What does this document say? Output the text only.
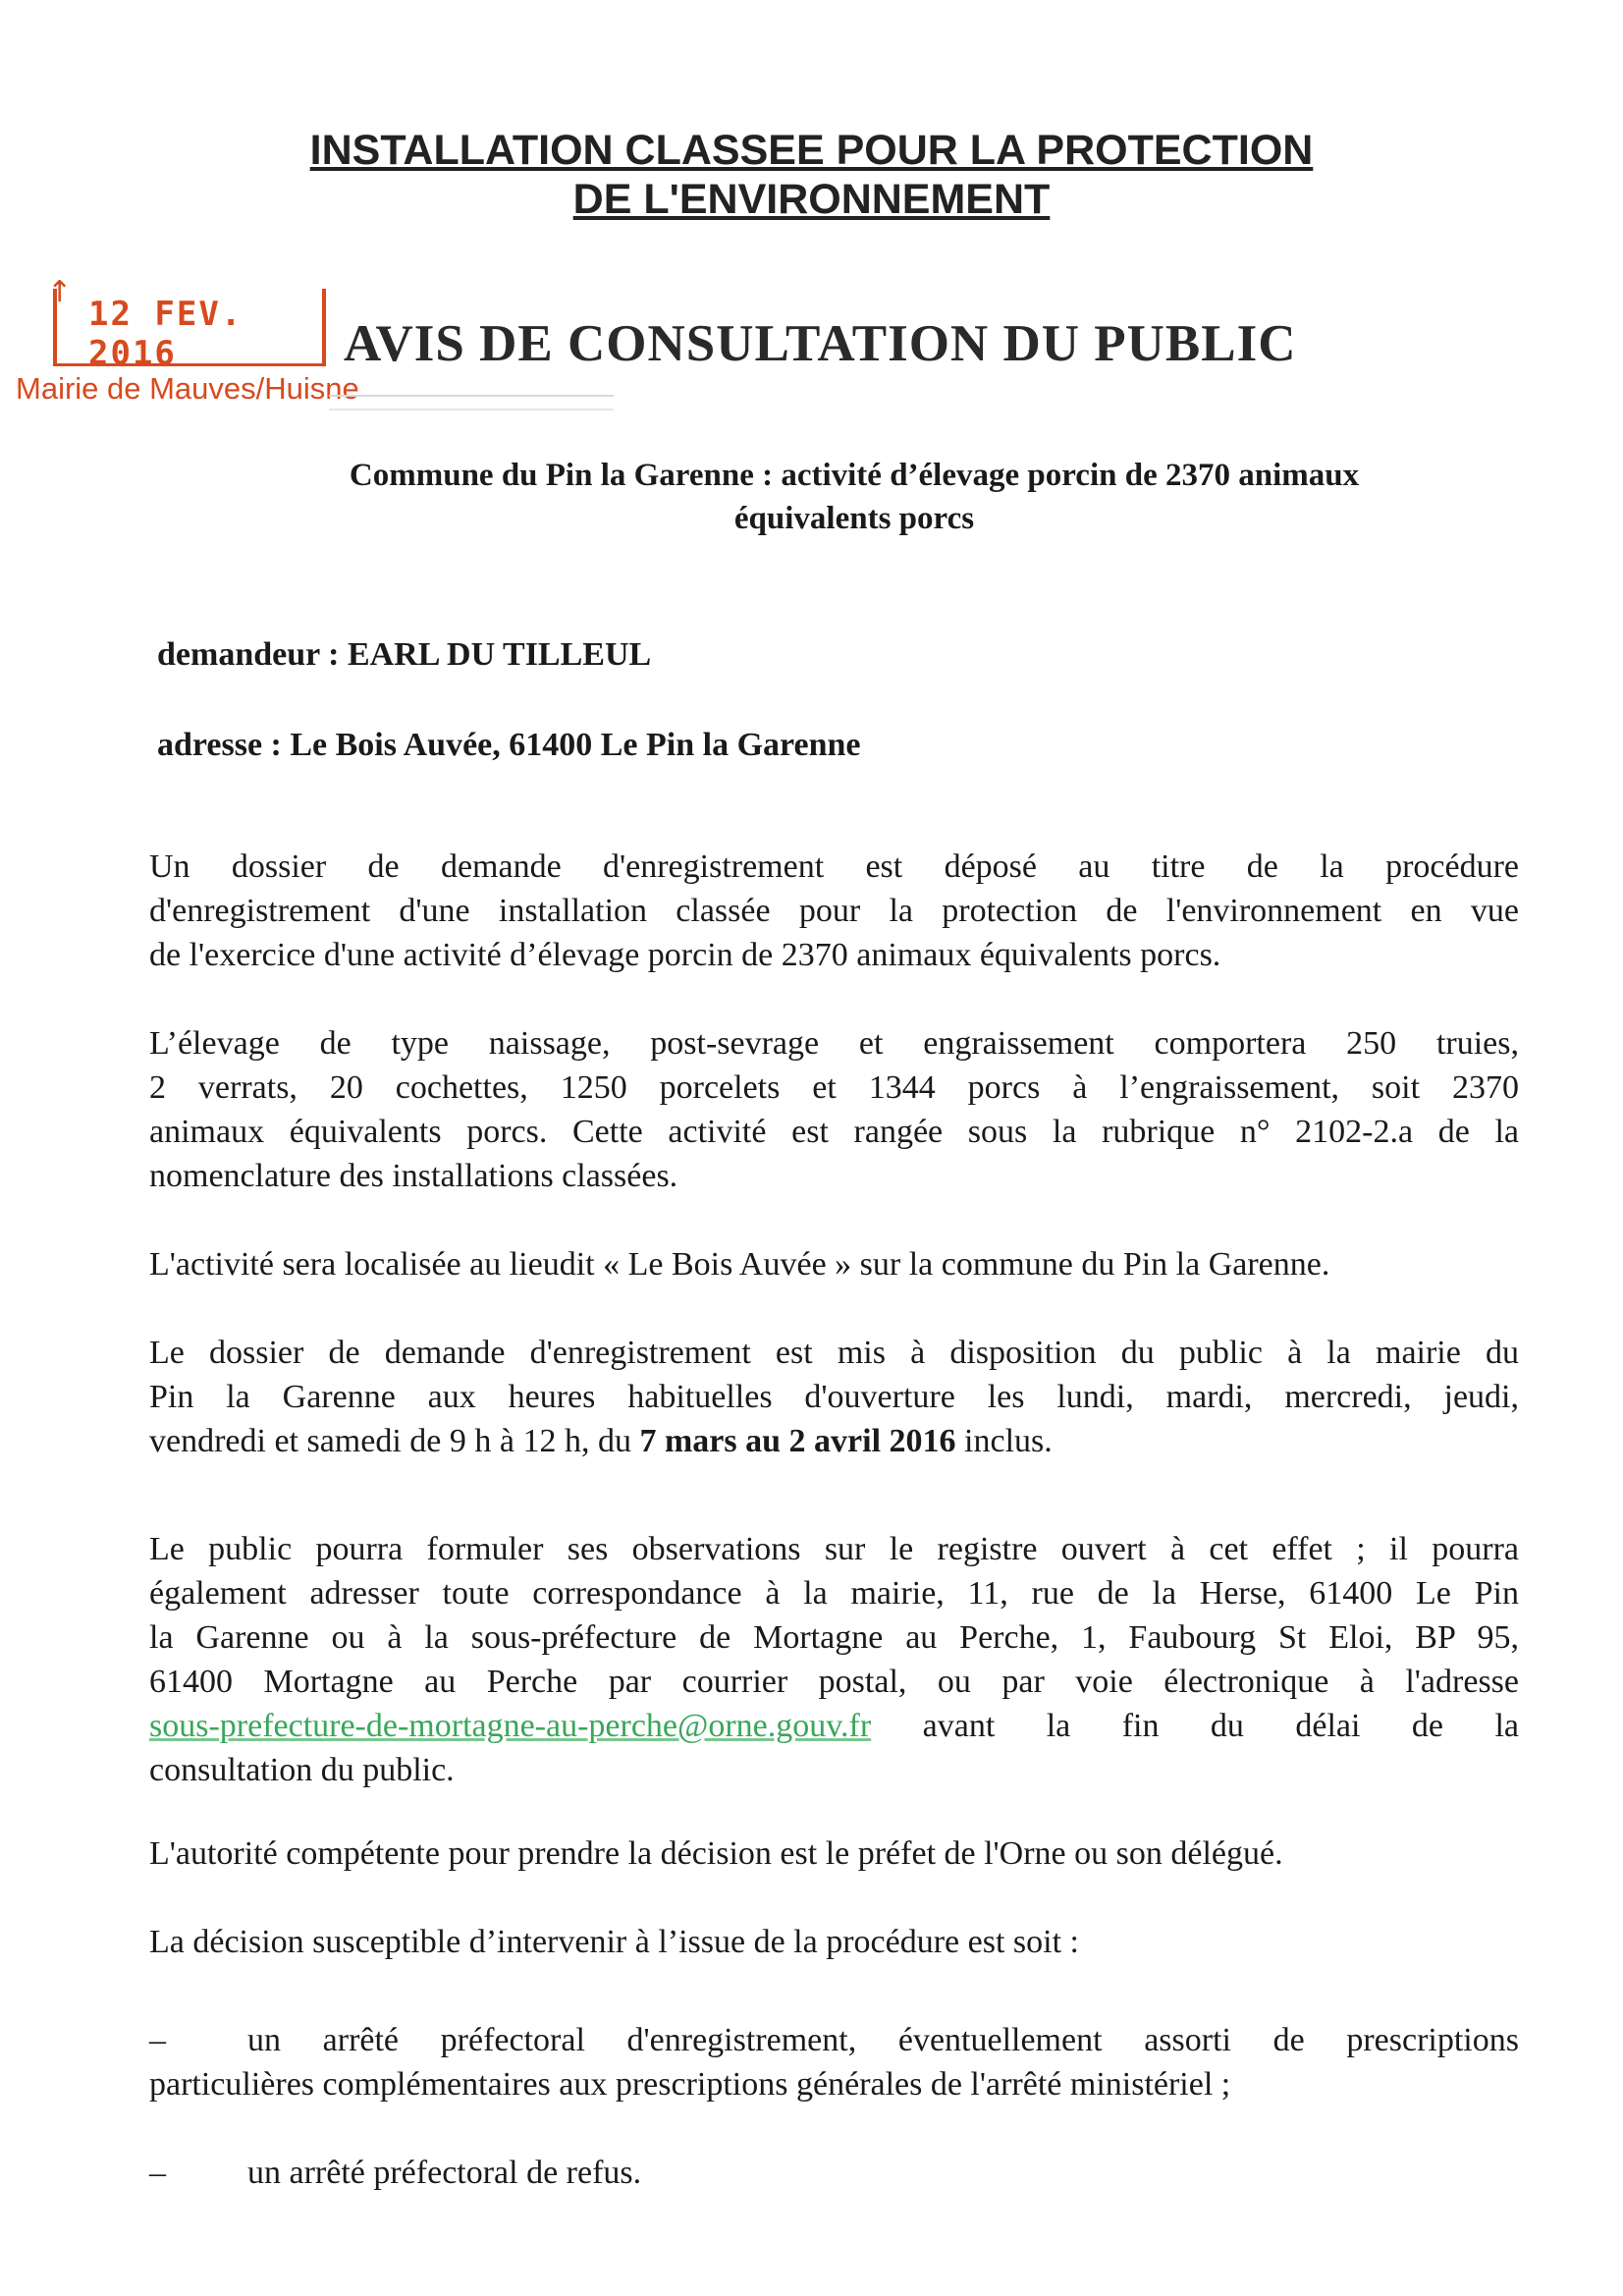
INSTALLATION CLASSEE POUR LA PROTECTION
DE L'ENVIRONNEMENT
↑
12 FEV. 2016
Mairie de Mauves/Huisne
AVIS DE CONSULTATION DU PUBLIC
Commune du Pin la Garenne : activité d’élevage porcin de 2370 animaux
équivalents porcs
demandeur : EARL DU TILLEUL
adresse : Le Bois Auvée, 61400 Le Pin la Garenne
Un dossier de demande d'enregistrement est déposé au titre de la procédure
d'enregistrement d'une installation classée pour la protection de l'environnement en vue
de l'exercice d'une activité d’élevage porcin de 2370 animaux équivalents porcs.
L’élevage de type naissage, post-sevrage et engraissement comportera 250 truies,
2 verrats, 20 cochettes, 1250 porcelets et 1344 porcs à l’engraissement, soit 2370
animaux équivalents porcs. Cette activité est rangée sous la rubrique n° 2102-2.a de la
nomenclature des installations classées.
L'activité sera localisée au lieudit « Le Bois Auvée » sur la commune du Pin la Garenne.
Le dossier de demande d'enregistrement est mis à disposition du public à la mairie du
Pin la Garenne aux heures habituelles d'ouverture les lundi, mardi, mercredi, jeudi,
vendredi et samedi de 9 h à 12 h, du 7 mars au 2 avril 2016 inclus.
Le public pourra formuler ses observations sur le registre ouvert à cet effet ; il pourra
également adresser toute correspondance à la mairie, 11, rue de la Herse, 61400 Le Pin
la Garenne ou à la sous-préfecture de Mortagne au Perche, 1, Faubourg St Eloi, BP 95,
61400 Mortagne au Perche par courrier postal, ou par voie électronique à l'adresse
sous-prefecture-de-mortagne-au-perche@orne.gouv.fr avant la fin du délai de la
consultation du public.
L'autorité compétente pour prendre la décision est le préfet de l'Orne ou son délégué.
La décision susceptible d’intervenir à l’issue de la procédure est soit :
–	un arrêté préfectoral d'enregistrement, éventuellement assorti de prescriptions
particulières complémentaires aux prescriptions générales de l'arrêté ministériel ;
–	un arrêté préfectoral de refus.
